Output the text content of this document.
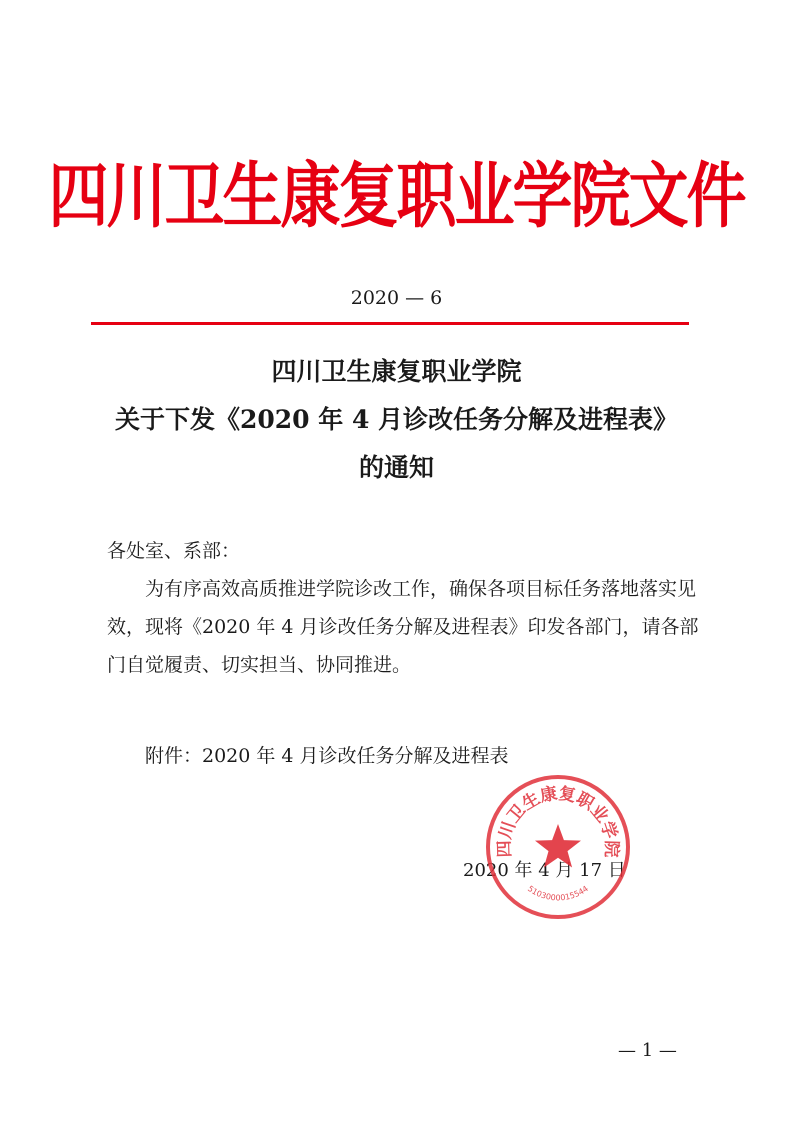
四川卫生康复职业学院文件
2020 — 6
四川卫生康复职业学院
关于下发《2020 年 4 月诊改任务分解及进程表》
的通知
各处室、系部：
为有序高效高质推进学院诊改工作，确保各项目标任务落地落实见效，现将《2020 年 4 月诊改任务分解及进程表》印发各部门，请各部门自觉履责、切实担当、协同推进。
附件：2020 年 4 月诊改任务分解及进程表
2020 年 4 月 17 日
四川卫生康复职业学院
5103000015544
— 1 —
